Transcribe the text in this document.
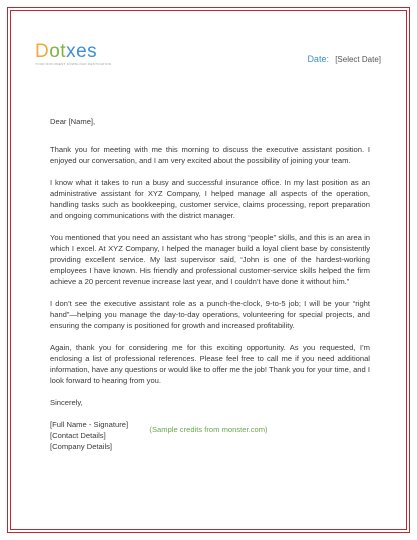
Dotxes
YOUR DOCUMENT DOWNLOAD DESTINATION	Date: [Select Date]

Dear [Name],

Thank you for meeting with me this morning to discuss the executive assistant position. I enjoyed our conversation, and I am very excited about the possibility of joining your team.

I know what it takes to run a busy and successful insurance office. In my last position as an administrative assistant for XYZ Company, I helped manage all aspects of the operation, handling tasks such as bookkeeping, customer service, claims processing, report preparation and ongoing communications with the district manager.

You mentioned that you need an assistant who has strong “people” skills, and this is an area in which I excel. At XYZ Company, I helped the manager build a loyal client base by consistently providing excellent service. My last supervisor said, “John is one of the hardest-working employees I have known. His friendly and professional customer-service skills helped the firm achieve a 20 percent revenue increase last year, and I couldn’t have done it without him.”

I don’t see the executive assistant role as a punch-the-clock, 9-to-5 job; I will be your “right hand”—helping you manage the day-to-day operations, volunteering for special projects, and ensuring the company is positioned for growth and increased profitability.

Again, thank you for considering me for this exciting opportunity. As you requested, I’m enclosing a list of professional references. Please feel free to call me if you need additional information, have any questions or would like to offer me the job! Thank you for your time, and I look forward to hearing from you.

Sincerely,

[Full Name - Signature]
[Contact Details]
[Company Details]
(Sample credits from monster.com)
